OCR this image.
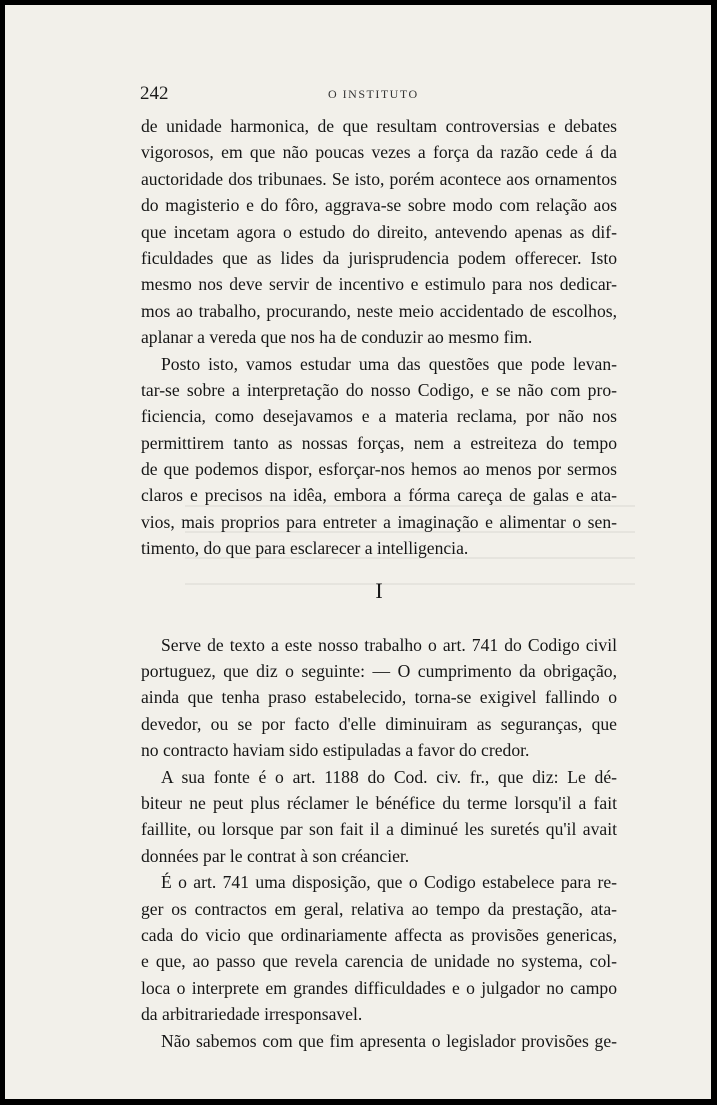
242	O INSTITUTO
de unidade harmonica, de que resultam controversias e debates
vigorosos, em que não poucas vezes a força da razão cede á da
auctoridade dos tribunaes. Se isto, porém acontece aos ornamentos
do magisterio e do fôro, aggrava-se sobre modo com relação aos
que incetam agora o estudo do direito, antevendo apenas as dif-
ficuldades que as lides da jurisprudencia podem offerecer. Isto
mesmo nos deve servir de incentivo e estimulo para nos dedicar-
mos ao trabalho, procurando, neste meio accidentado de escolhos,
aplanar a vereda que nos ha de conduzir ao mesmo fim.
Posto isto, vamos estudar uma das questões que pode levan-
tar-se sobre a interpretação do nosso Codigo, e se não com pro-
ficiencia, como desejavamos e a materia reclama, por não nos
permittirem tanto as nossas forças, nem a estreiteza do tempo
de que podemos dispor, esforçar-nos hemos ao menos por sermos
claros e precisos na idêa, embora a fórma careça de galas e ata-
vios, mais proprios para entreter a imaginação e alimentar o sen-
timento, do que para esclarecer a intelligencia.
I
Serve de texto a este nosso trabalho o art. 741 do Codigo civil
portuguez, que diz o seguinte: — O cumprimento da obrigação,
ainda que tenha praso estabelecido, torna-se exigivel fallindo o
devedor, ou se por facto d'elle diminuiram as seguranças, que
no contracto haviam sido estipuladas a favor do credor.
A sua fonte é o art. 1188 do Cod. civ. fr., que diz: Le dé-
biteur ne peut plus réclamer le bénéfice du terme lorsqu'il a fait
faillite, ou lorsque par son fait il a diminué les suretés qu'il avait
données par le contrat à son créancier.
É o art. 741 uma disposição, que o Codigo estabelece para re-
ger os contractos em geral, relativa ao tempo da prestação, ata-
cada do vicio que ordinariamente affecta as provisões genericas,
e que, ao passo que revela carencia de unidade no systema, col-
loca o interprete em grandes difficuldades e o julgador no campo
da arbitrariedade irresponsavel.
Não sabemos com que fim apresenta o legislador provisões ge-
